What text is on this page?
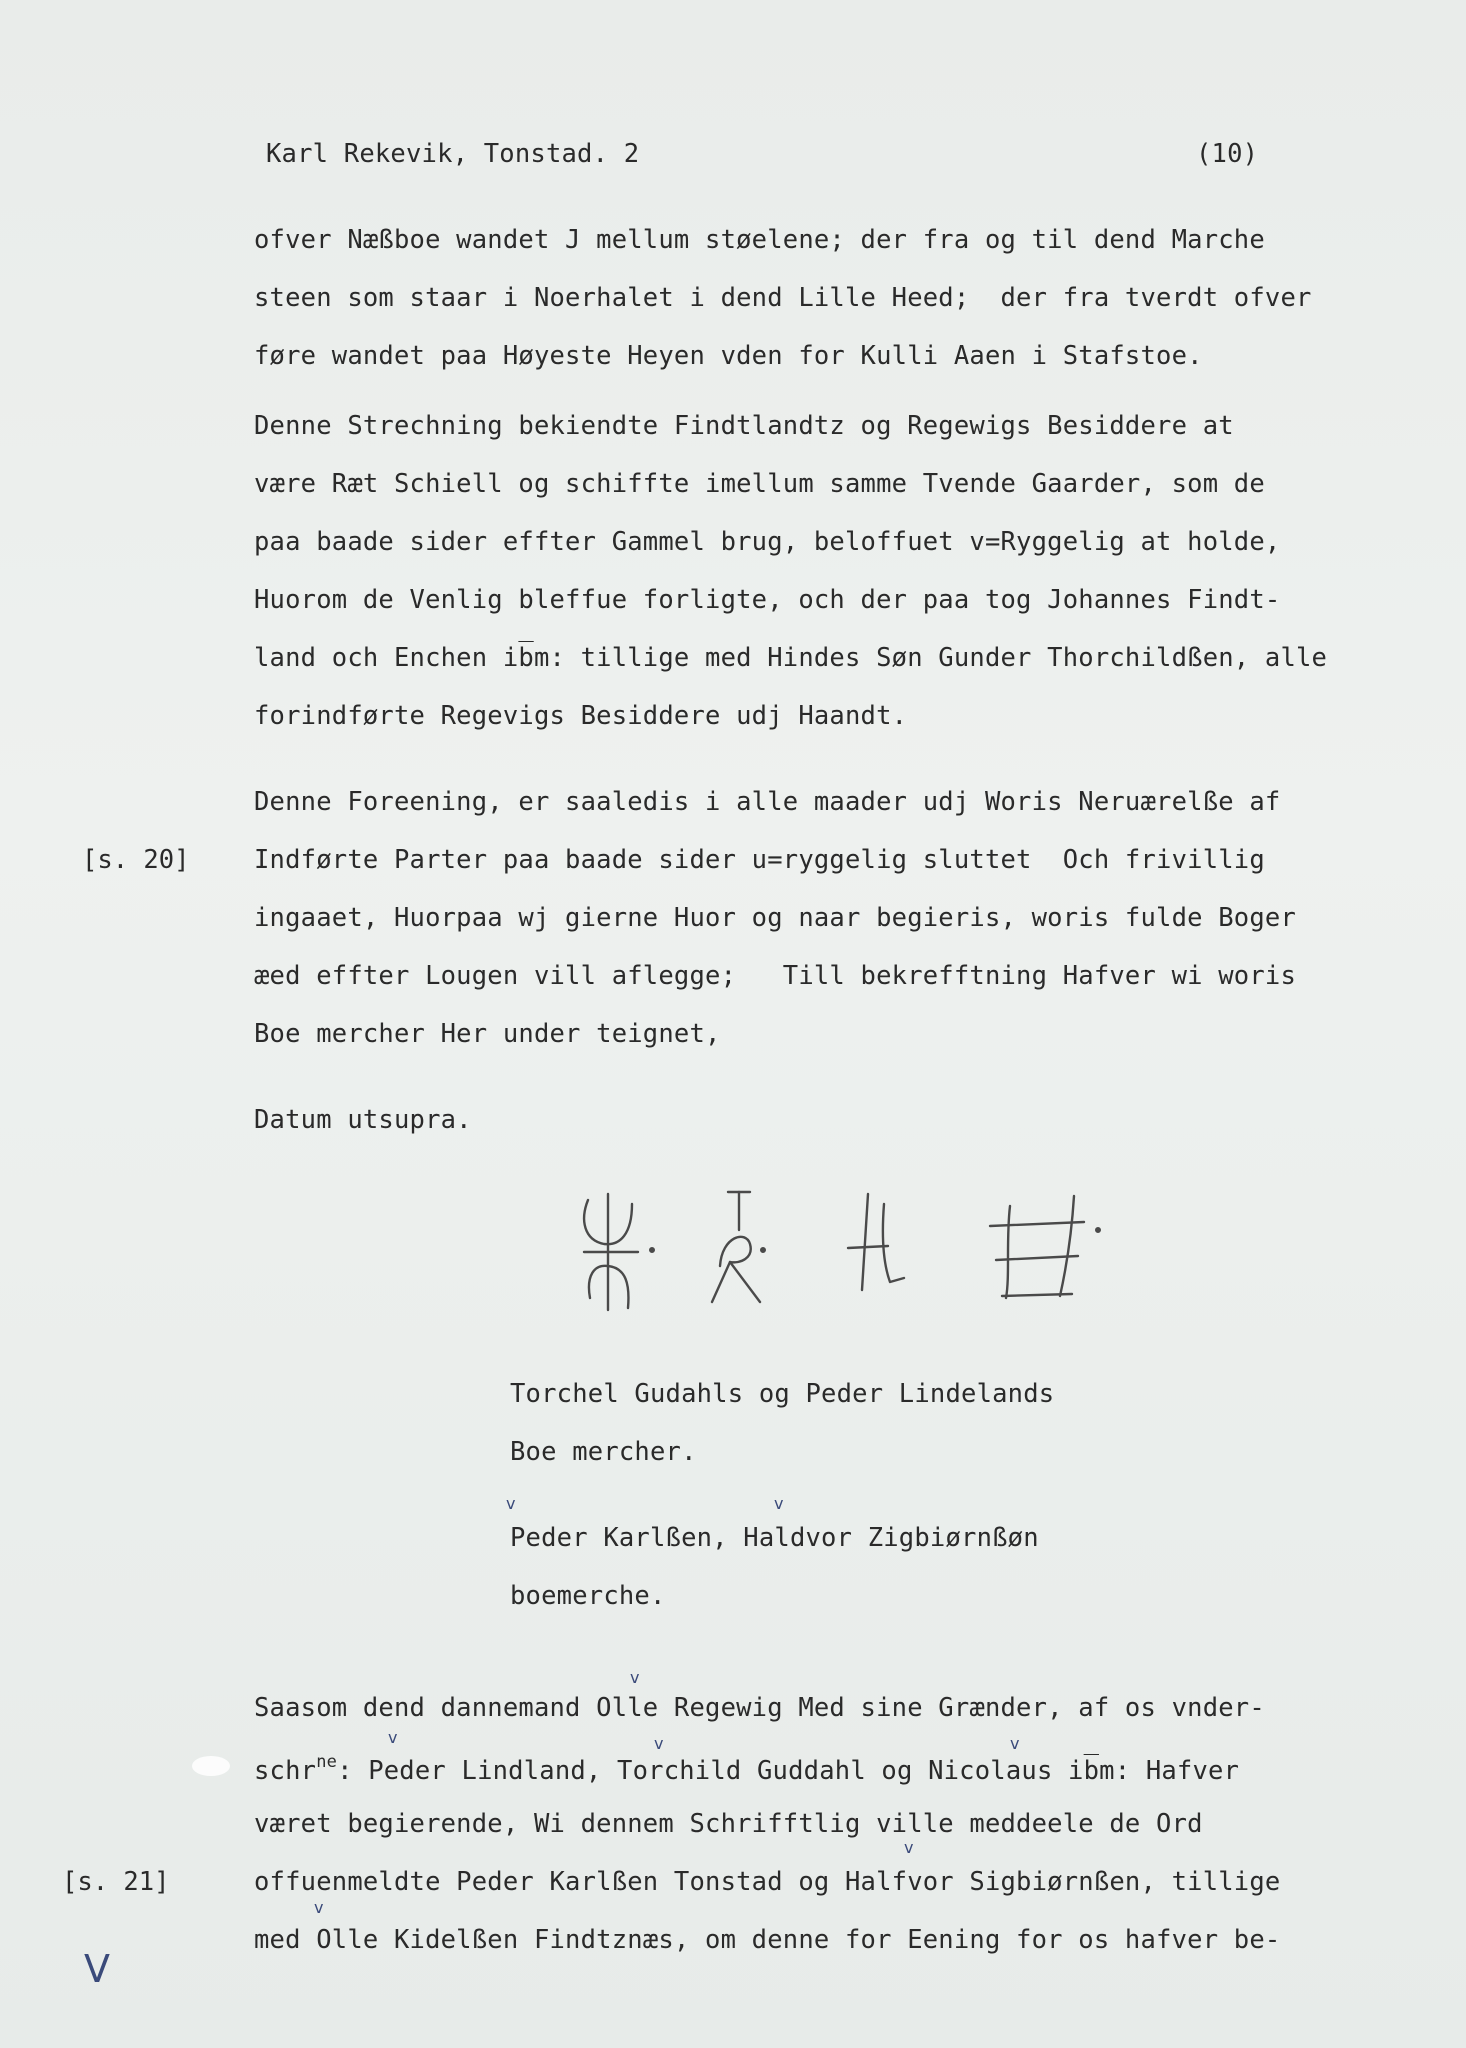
Karl Rekevik, Tonstad. 2	(10)
ofver Næßboe wandet J mellum støelene; der fra og til dend Marche
steen som staar i Noerhalet i dend Lille Heed;  der fra tverdt ofver
føre wandet paa Høyeste Heyen vden for Kulli Aaen i Stafstoe.
Denne Strechning bekiendte Findtlandtz og Regewigs Besiddere at
være Ræt Schiell og schiffte imellum samme Tvende Gaarder, som de
paa baade sider effter Gammel brug, beloffuet v=Ryggelig at holde,
Huorom de Venlig bleffue forligte, och der paa tog Johannes Findt-
land och Enchen ib̅m: tillige med Hindes Søn Gunder Thorchildßen, alle
forindførte Regevigs Besiddere udj Haandt.
Denne Foreening, er saaledis i alle maader udj Woris Neruærelße af
[s. 20]	Indførte Parter paa baade sider u=ryggelig sluttet  Och frivillig
ingaaet, Huorpaa wj gierne Huor og naar begieris, woris fulde Boger
æed effter Lougen vill aflegge;   Till bekrefftning Hafver wi woris
Boe mercher Her under teignet,
Datum utsupra.
Torchel Gudahls og Peder Lindelands
Boe mercher.
v	v
Peder Karlßen, Haldvor Zigbiørnßøn
boemerche.
v
Saasom dend dannemand Olle Regewig Med sine Grænder, af os vnder-
v	v	v
schr$^{ne}$: Peder Lindland, Torchild Guddahl og Nicolaus ib̅m: Hafver
været begierende, Wi dennem Schrifftlig ville meddeele de Ord
v
[s. 21]	offuenmeldte Peder Karlßen Tonstad og Halfvor Sigbiørnßen, tillige
v
med Olle Kidelßen Findtznæs, om denne for Eening for os hafver be-
V
